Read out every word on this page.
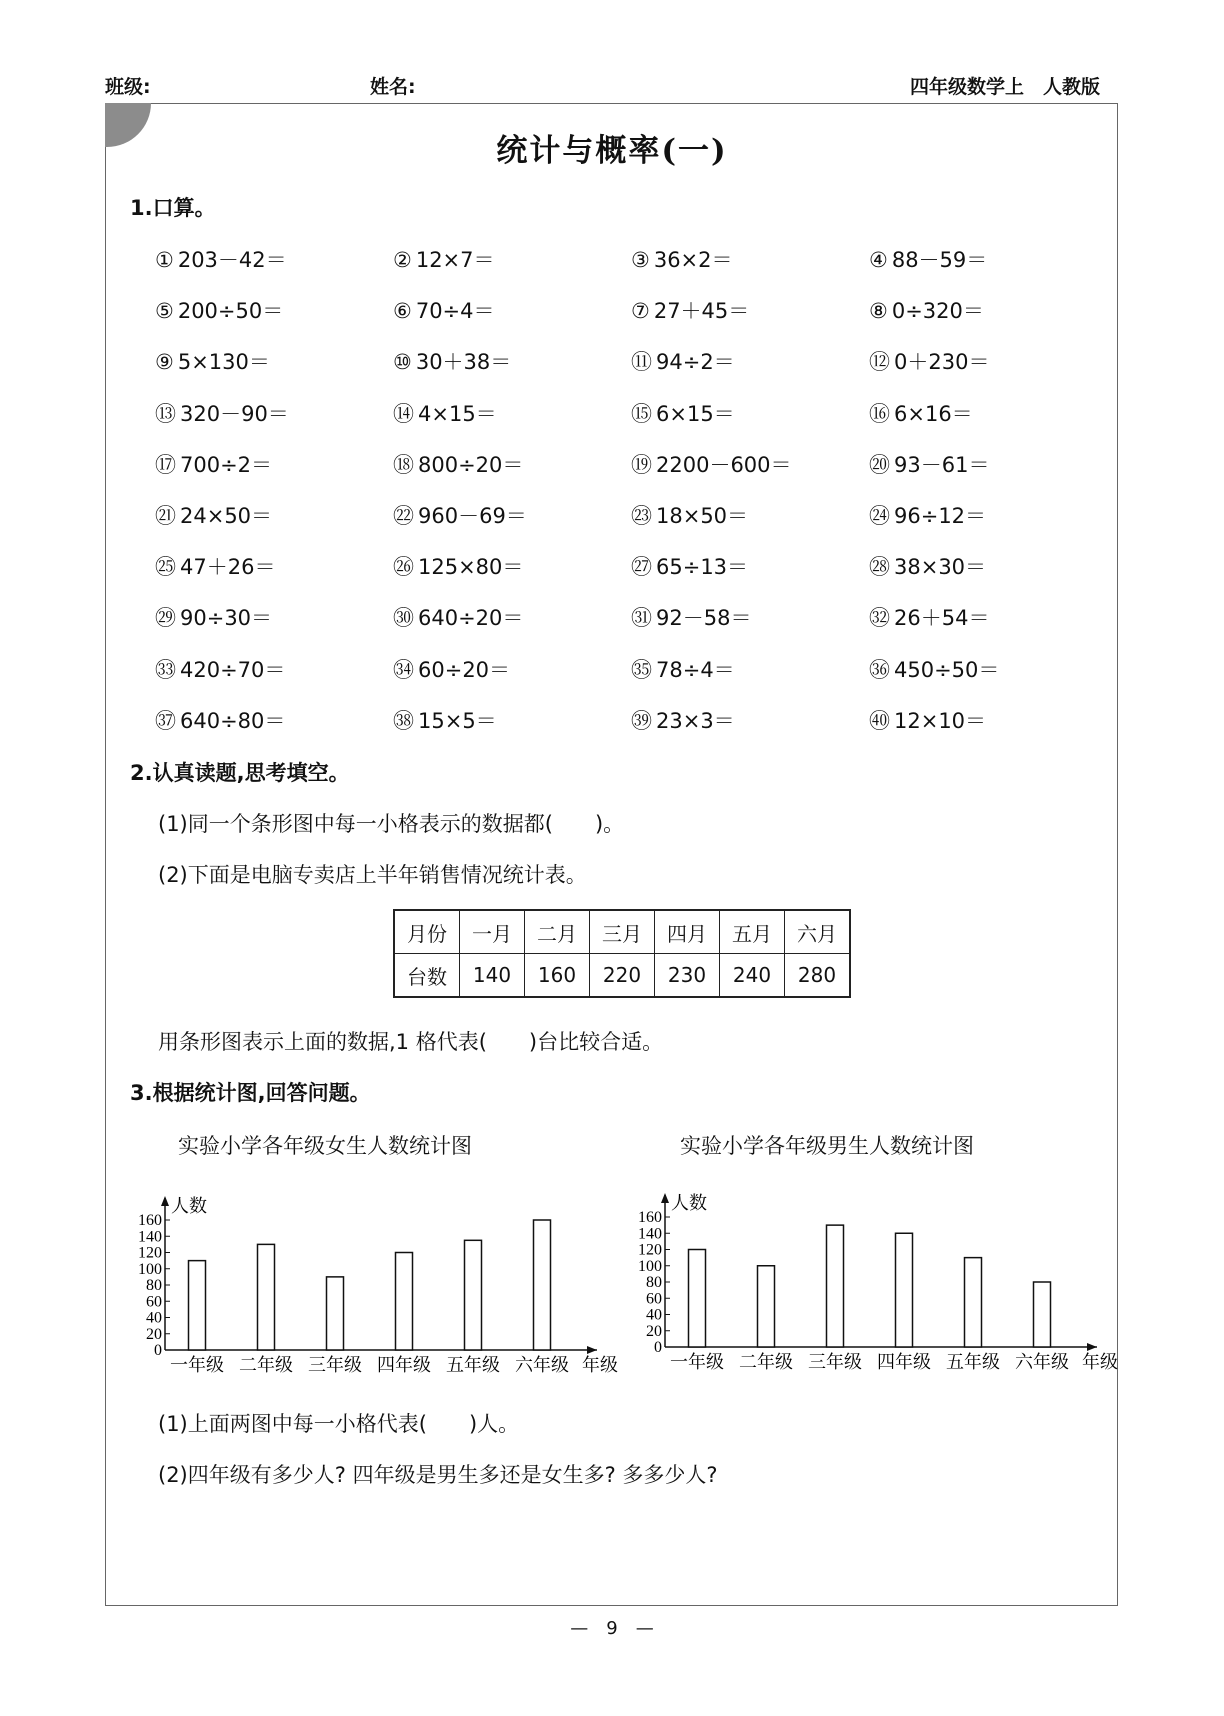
班级:	姓名:	四年级数学上　人教版
统计与概率(一)
1.口算。
① 203－42＝	② 12×7＝	③ 36×2＝	④ 88－59＝
⑤ 200÷50＝	⑥ 70÷4＝	⑦ 27＋45＝	⑧ 0÷320＝
⑨ 5×130＝	⑩ 30＋38＝	⑪ 94÷2＝	⑫ 0＋230＝
⑬ 320－90＝	⑭ 4×15＝	⑮ 6×15＝	⑯ 6×16＝
⑰ 700÷2＝	⑱ 800÷20＝	⑲ 2200－600＝	⑳ 93－61＝
㉑ 24×50＝	㉒ 960－69＝	㉓ 18×50＝	㉔ 96÷12＝
㉕ 47＋26＝	㉖ 125×80＝	㉗ 65÷13＝	㉘ 38×30＝
㉙ 90÷30＝	㉚ 640÷20＝	㉛ 92－58＝	㉜ 26＋54＝
㉝ 420÷70＝	㉞ 60÷20＝	㉟ 78÷4＝	㊱ 450÷50＝
㊲ 640÷80＝	㊳ 15×5＝	㊴ 23×3＝	㊵ 12×10＝
2.认真读题,思考填空。
(1)同一个条形图中每一小格表示的数据都(　　)。
(2)下面是电脑专卖店上半年销售情况统计表。
月份	一月	二月	三月	四月	五月	六月
台数	140	160	220	230	240	280
用条形图表示上面的数据,1 格代表(　　)台比较合适。
3.根据统计图,回答问题。
实验小学各年级女生人数统计图	实验小学各年级男生人数统计图
0
20
40
60
80
100
120
140
160
人数
一年级 二年级 三年级 四年级 五年级 六年级 年级
0
20
40
60
80
100
120
140
160
人数
一年级 二年级 三年级 四年级 五年级 六年级 年级
(1)上面两图中每一小格代表(　　)人。
(2)四年级有多少人? 四年级是男生多还是女生多? 多多少人?
—　9　—
